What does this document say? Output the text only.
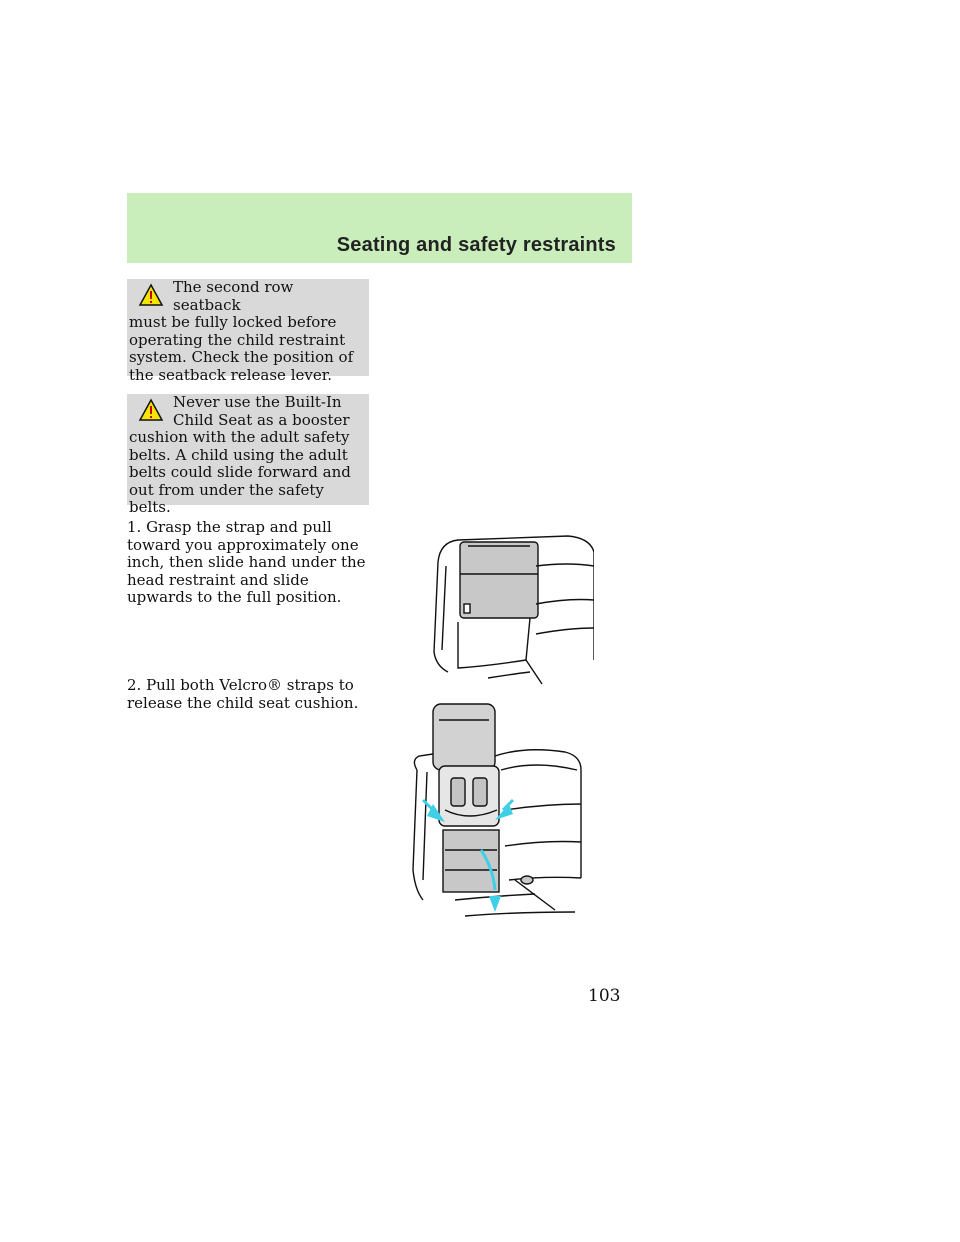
Seating and safety restraints

The second row seatback

must be fully locked before

operating the child restraint system. Check the position of the seatback release lever.

Never use the Built-In

Child Seat as a booster

cushion with the adult safety belts. A child using the adult belts could slide forward and out from under the safety belts.

1. Grasp the strap and pull toward you approximately one inch, then slide hand under the head restraint and slide upwards to the full position.

2. Pull both Velcro® straps to release the child seat cushion.

103
